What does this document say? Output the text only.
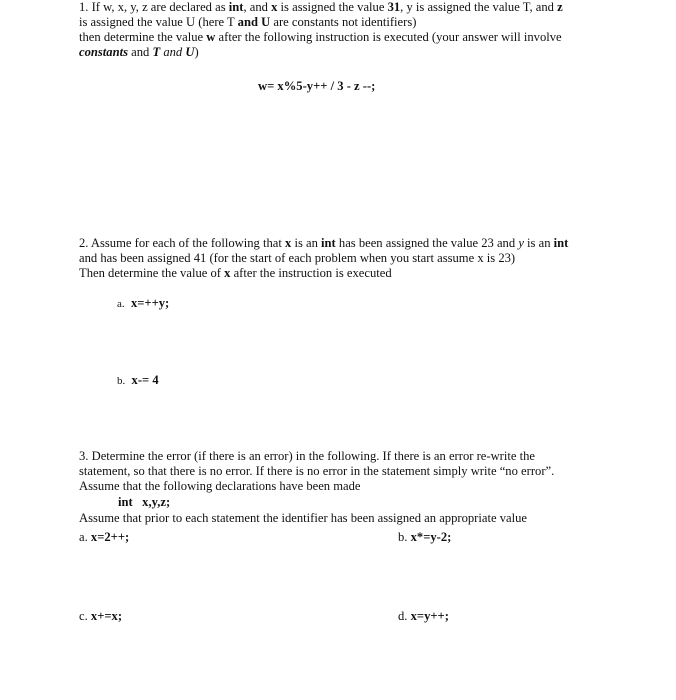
1. If w, x, y, z are declared as int, and x is assigned the value 31, y is assigned the value T, and z
is assigned the value U (here T and U are constants not identifiers)
then determine the value w after the following instruction is executed (your answer will involve
constants and T and U)
w= x%5-y++ / 3 - z --;
2. Assume for each of the following that x is an int has been assigned the value 23 and y is an int
and has been assigned 41 (for the start of each problem when you start assume x is 23)
Then determine the value of x after the instruction is executed
a. x=++y;
b. x-= 4
3. Determine the error (if there is an error) in the following. If there is an error re-write the
statement, so that there is no error. If there is no error in the statement simply write “no error”.
Assume that the following declarations have been made
int x,y,z;
Assume that prior to each statement the identifier has been assigned an appropriate value
a. x=2++;	b. x*=y-2;
c. x+=x;	d. x=y++;
